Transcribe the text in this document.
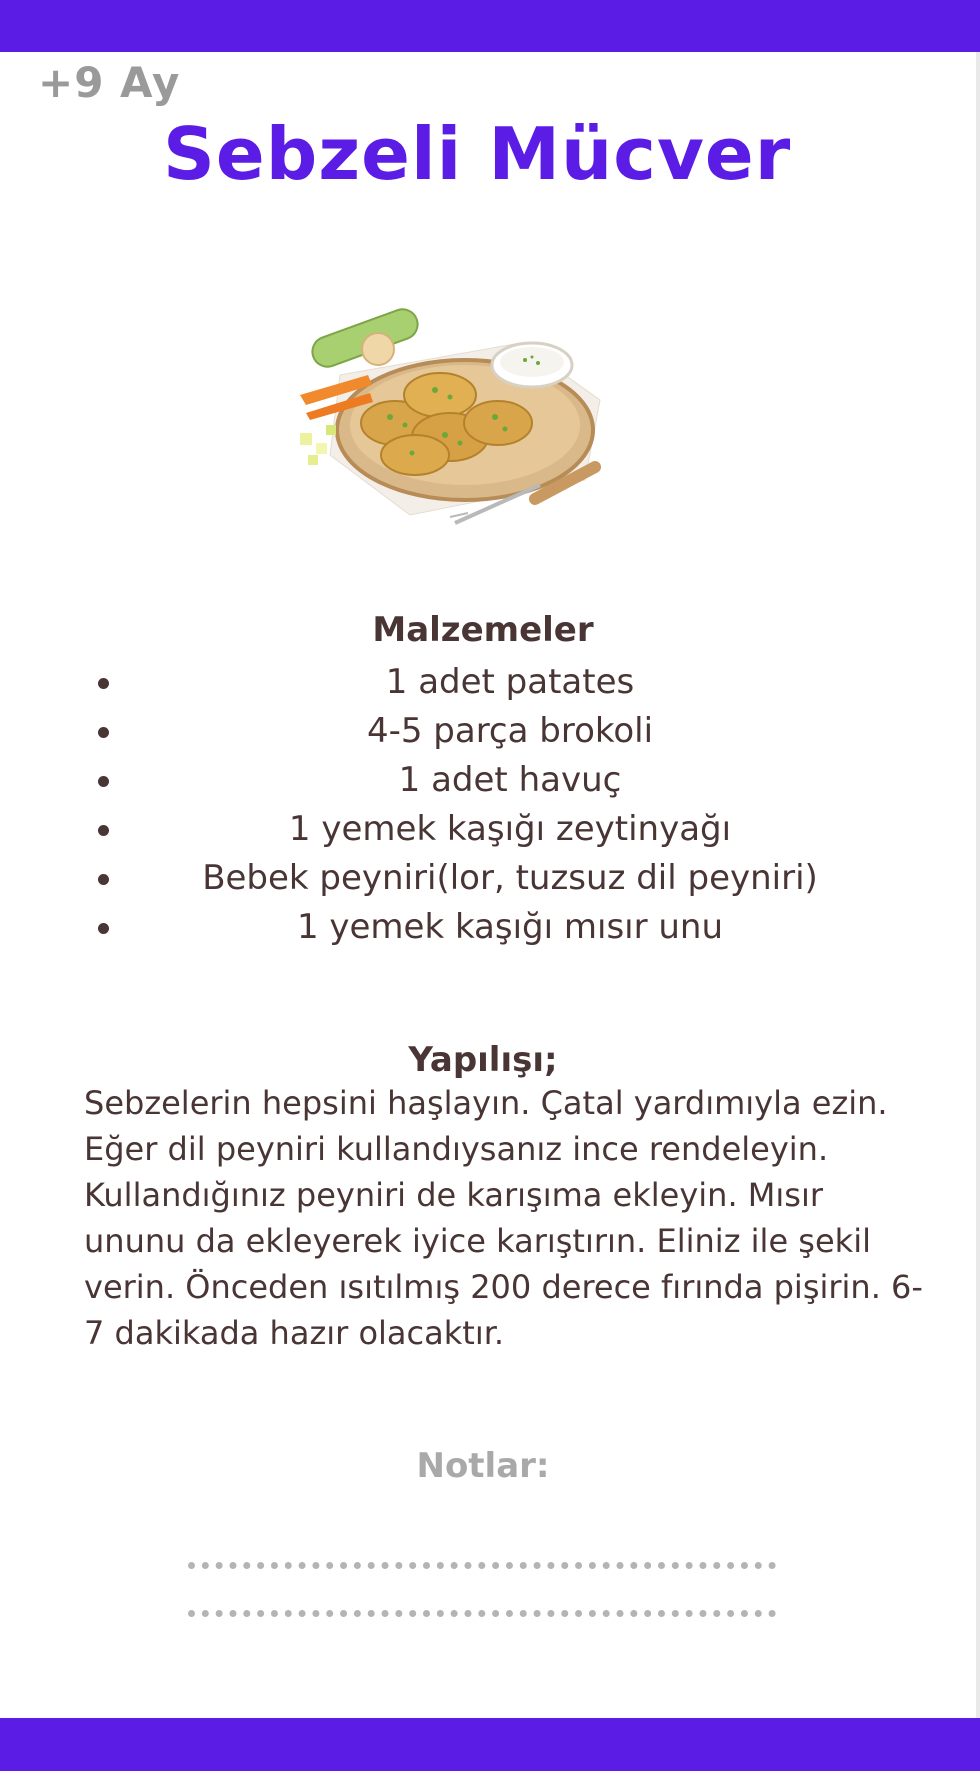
+9 Ay
Sebzeli Mücver
Malzemeler
1 adet patates
4-5 parça brokoli
1 adet havuç
1 yemek kaşığı zeytinyağı
Bebek peyniri(lor, tuzsuz dil peyniri)
1 yemek kaşığı mısır unu
Yapılışı;

Sebzelerin hepsini haşlayın. Çatal yardımıyla ezin. Eğer dil peyniri kullandıysanız ince rendeleyin. Kullandığınız peyniri de karışıma ekleyin. Mısır ununu da ekleyerek iyice karıştırın. Eliniz ile şekil verin. Önceden ısıtılmış 200 derece fırında pişirin. 6-7 dakikada hazır olacaktır.

Notlar:
